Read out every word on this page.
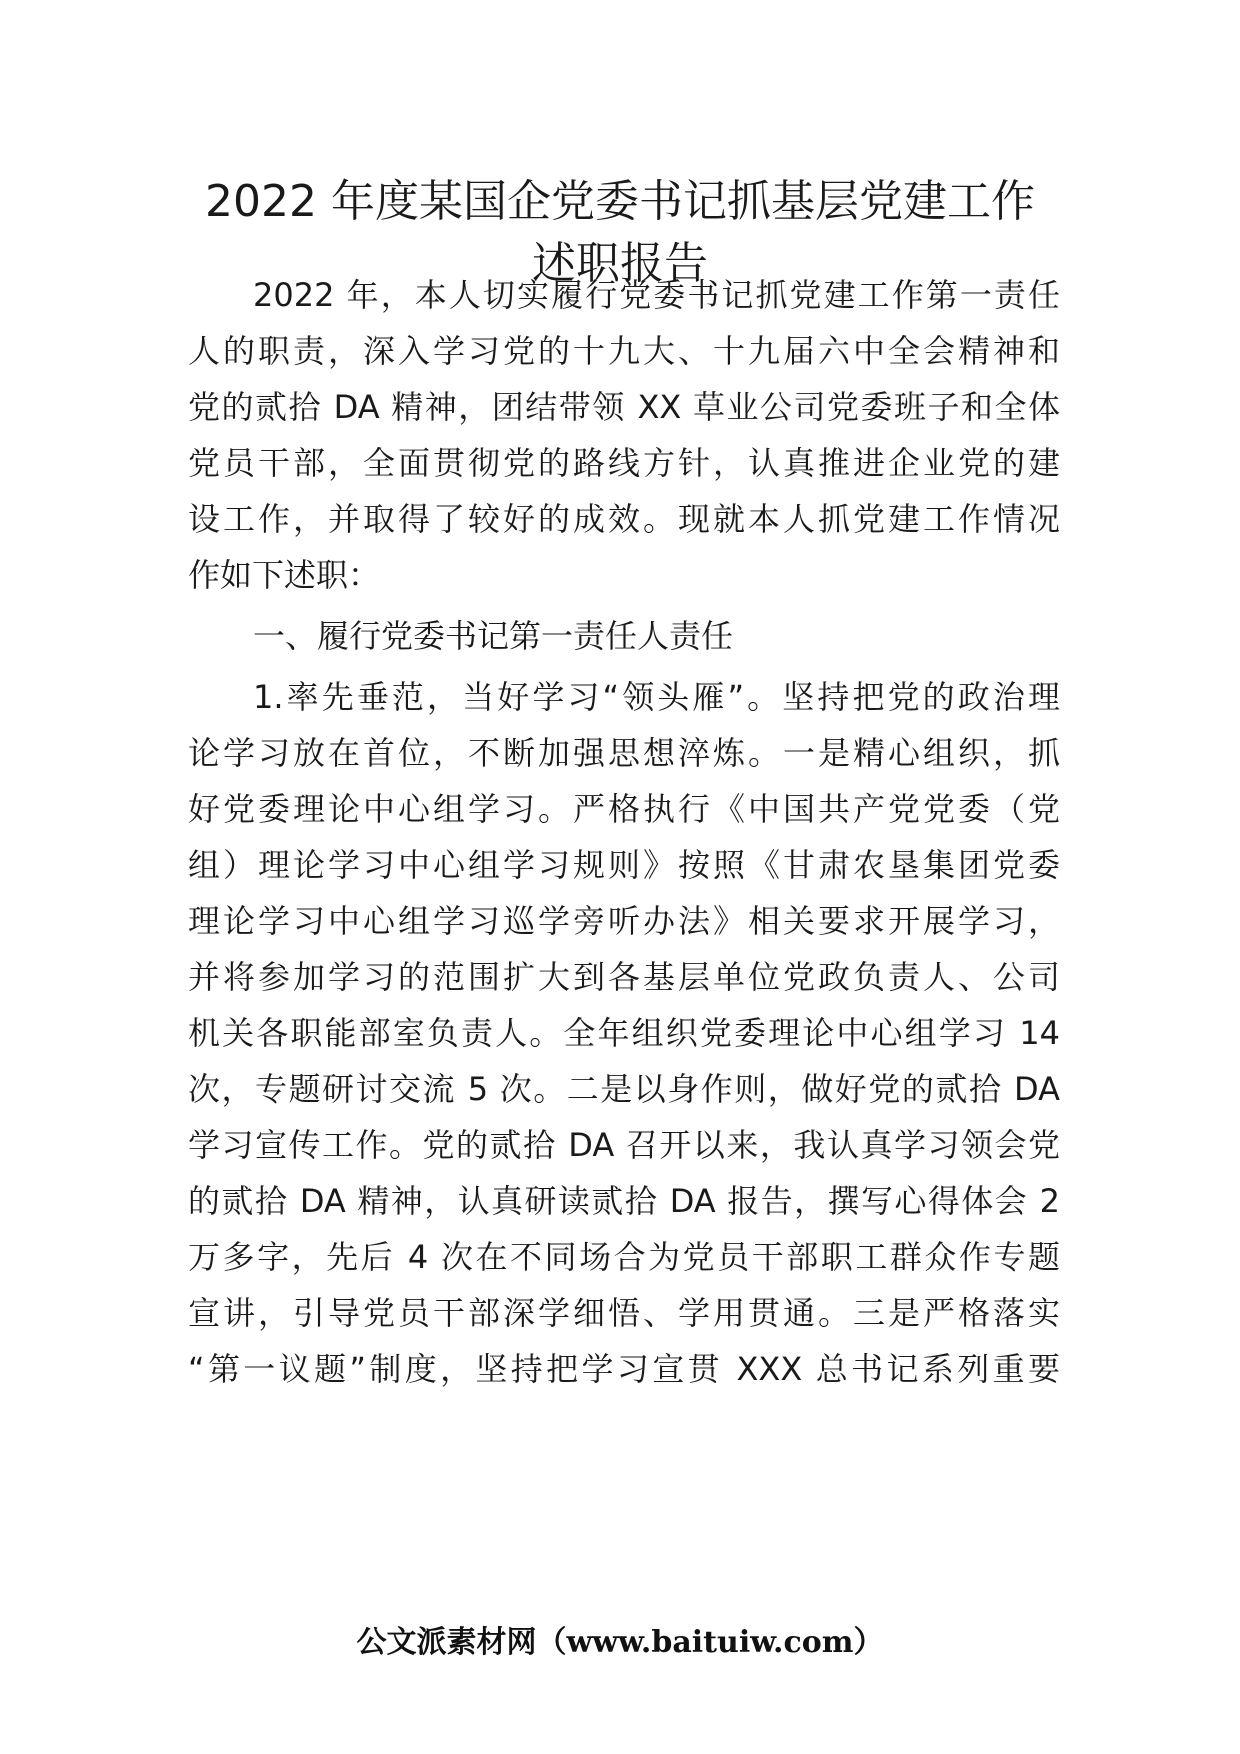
2022 年度某国企党委书记抓基层党建工作
述职报告
2022 年，本人切实履行党委书记抓党建工作第一责任
人的职责，深入学习党的十九大、十九届六中全会精神和
党的贰拾 DA 精神，团结带领 XX 草业公司党委班子和全体
党员干部，全面贯彻党的路线方针，认真推进企业党的建
设工作，并取得了较好的成效。现就本人抓党建工作情况
作如下述职：
一、履行党委书记第一责任人责任
1.率先垂范，当好学习“领头雁”。坚持把党的政治理
论学习放在首位，不断加强思想淬炼。一是精心组织，抓
好党委理论中心组学习。严格执行《中国共产党党委（党
组）理论学习中心组学习规则》按照《甘肃农垦集团党委
理论学习中心组学习巡学旁听办法》相关要求开展学习，
并将参加学习的范围扩大到各基层单位党政负责人、公司
机关各职能部室负责人。全年组织党委理论中心组学习 14
次，专题研讨交流 5 次。二是以身作则，做好党的贰拾 DA
学习宣传工作。党的贰拾 DA 召开以来，我认真学习领会党
的贰拾 DA 精神，认真研读贰拾 DA 报告，撰写心得体会 2
万多字，先后 4 次在不同场合为党员干部职工群众作专题
宣讲，引导党员干部深学细悟、学用贯通。三是严格落实
“第一议题”制度，坚持把学习宣贯 XXX 总书记系列重要
公文派素材网（www.baituiw.com）
